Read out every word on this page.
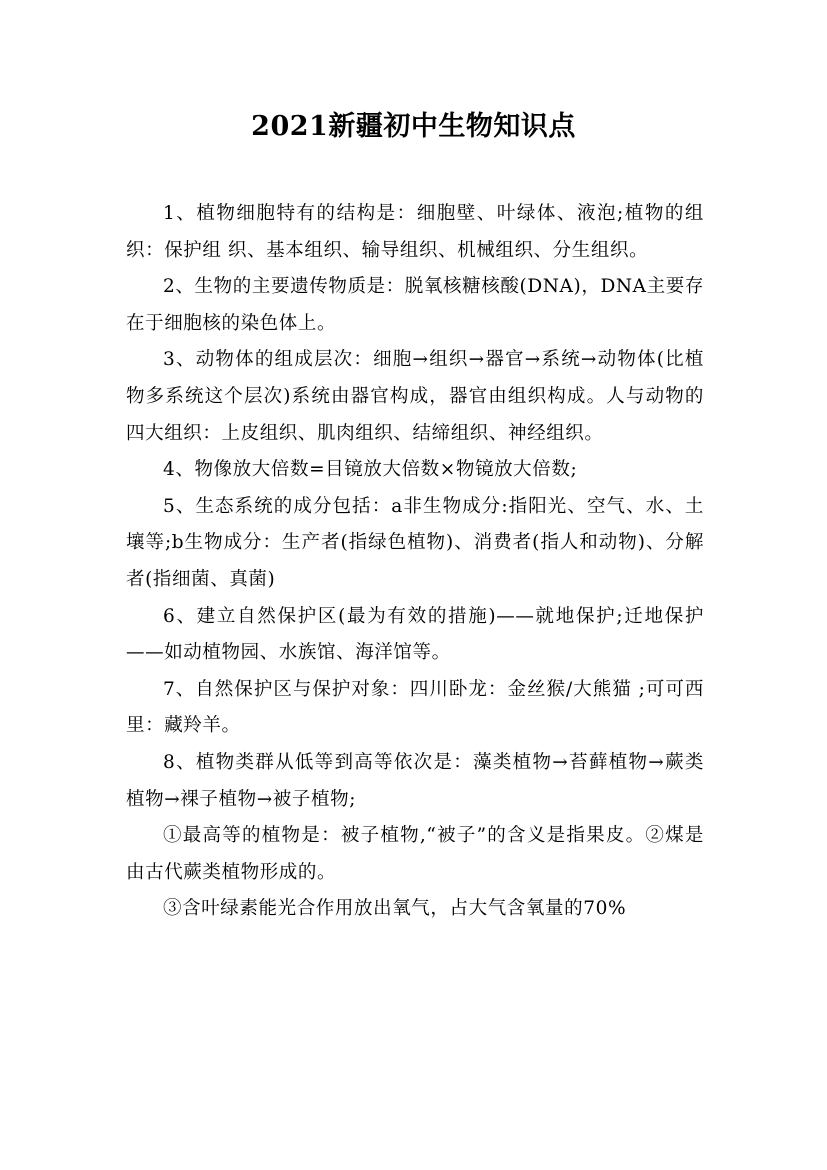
2021新疆初中生物知识点

1、植物细胞特有的结构是：细胞壁、叶绿体、液泡;植物的组织：保护组 织、基本组织、输导组织、机械组织、分生组织。

2、生物的主要遗传物质是：脱氧核糖核酸(DNA)，DNA主要存在于细胞核的染色体上。

3、动物体的组成层次：细胞→组织→器官→系统→动物体(比植物多系统这个层次)系统由器官构成，器官由组织构成。人与动物的四大组织：上皮组织、肌肉组织、结缔组织、神经组织。

4、物像放大倍数=目镜放大倍数×物镜放大倍数;

5、生态系统的成分包括：a非生物成分:指阳光、空气、水、土壤等;b生物成分：生产者(指绿色植物)、消费者(指人和动物)、分解者(指细菌、真菌)

6、建立自然保护区(最为有效的措施)——就地保护;迁地保护——如动植物园、水族馆、海洋馆等。

7、自然保护区与保护对象：四川卧龙：金丝猴/大熊猫 ;可可西里：藏羚羊。

8、植物类群从低等到高等依次是：藻类植物→苔藓植物→蕨类植物→裸子植物→被子植物;

①最高等的植物是：被子植物,“被子”的含义是指果皮。②煤是由古代蕨类植物形成的。

③含叶绿素能光合作用放出氧气，占大气含氧量的70%
